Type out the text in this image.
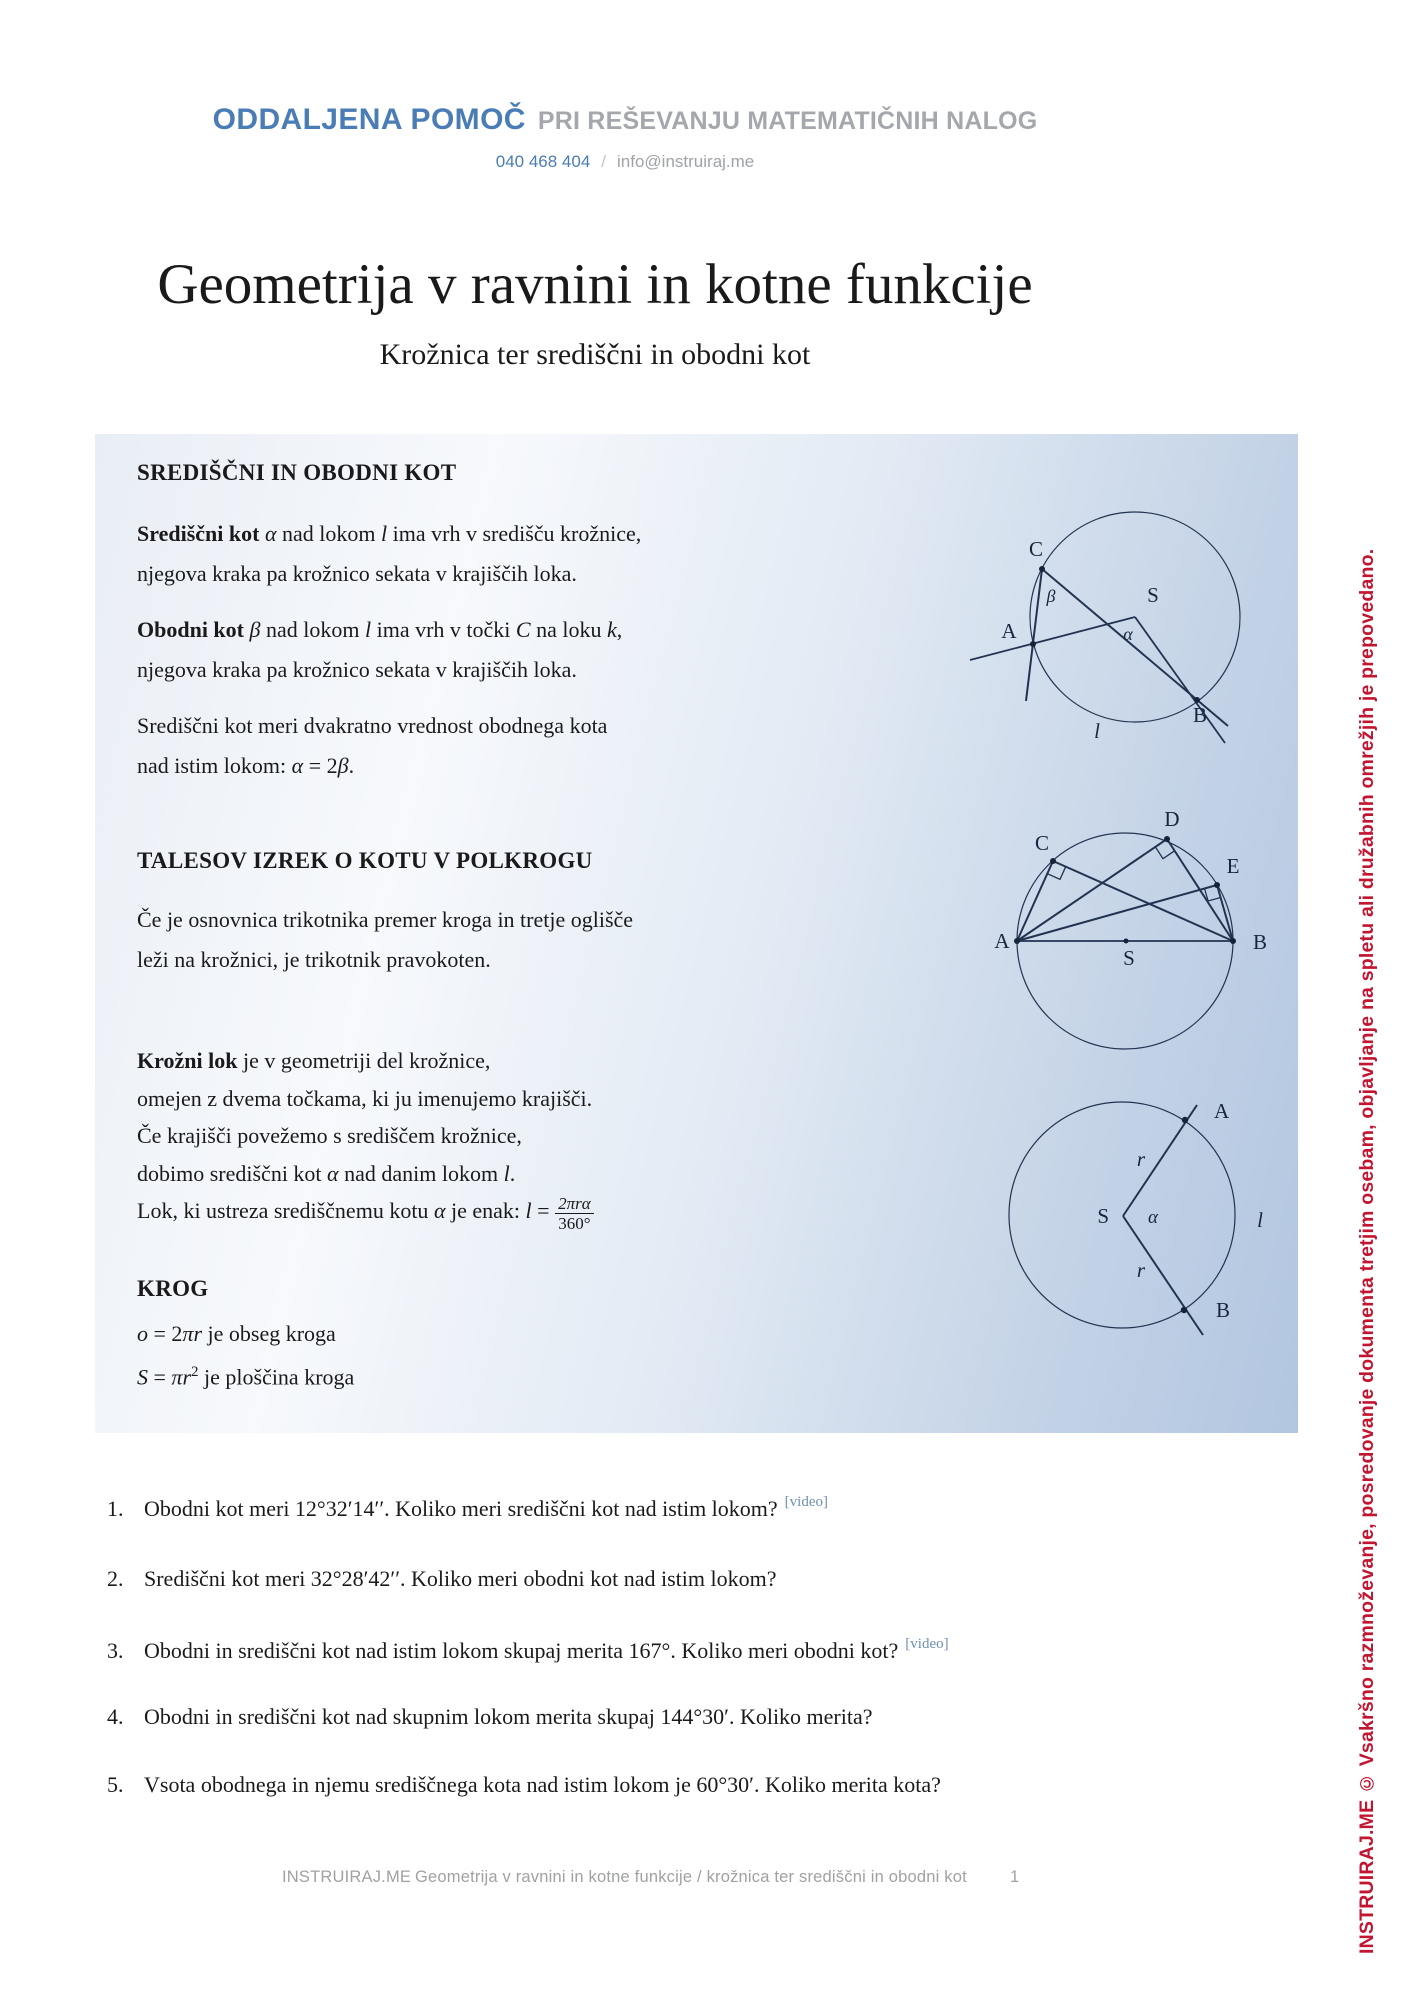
ODDALJENA POMOČ PRI REŠEVANJU MATEMATIČNIH NALOG
040 468 404 / info@instruiraj.me
Geometrija v ravnini in kotne funkcije
Krožnica ter središčni in obodni kot
SREDIŠČNI IN OBODNI KOT

Središčni kot α nad lokom l ima vrh v središču krožnice,
njegova kraka pa krožnico sekata v krajiščih loka.

Obodni kot β nad lokom l ima vrh v točki C na loku k,
njegova kraka pa krožnico sekata v krajiščih loka.

Središčni kot meri dvakratno vrednost obodnega kota
nad istim lokom: α = 2β.

TALESOV IZREK O KOTU V POLKROGU

Če je osnovnica trikotnika premer kroga in tretje oglišče
leži na krožnici, je trikotnik pravokoten.

Krožni lok je v geometriji del krožnice,
omejen z dvema točkama, ki ju imenujemo krajišči.
Če krajišči povežemo s središčem krožnice,
dobimo središčni kot α nad danim lokom l.
Lok, ki ustreza središčnemu kotu α je enak: $l = \frac{\text{2πrα}}{360^\circ}$

KROG

o = 2πr je obseg kroga

$S = \pi r^2$ je ploščina kroga

C
A
B
S
β
α
l
A	B
C
D
E
S
S
A
B
α
r
r
l
1. Obodni kot meri 12°32′14′′. Koliko meri središčni kot nad istim lokom? [video]
2. Središčni kot meri 32°28′42′′. Koliko meri obodni kot nad istim lokom?
3. Obodni in središčni kot nad istim lokom skupaj merita 167°. Koliko meri obodni kot? [video]
4. Obodni in središčni kot nad skupnim lokom merita skupaj 144°30′. Koliko merita?
5. Vsota obodnega in njemu središčnega kota nad istim lokom je 60°30′. Koliko merita kota?
INSTRUIRAJ.ME Geometrija v ravnini in kotne funkcije / krožnica ter središčni in obodni kot	1	INSTRUIRAJ.ME © Vsakršno razmnoževanje, posredovanje dokumenta tretjim osebam, objavljanje na spletu ali družabnih omrežjih je prepovedano.
